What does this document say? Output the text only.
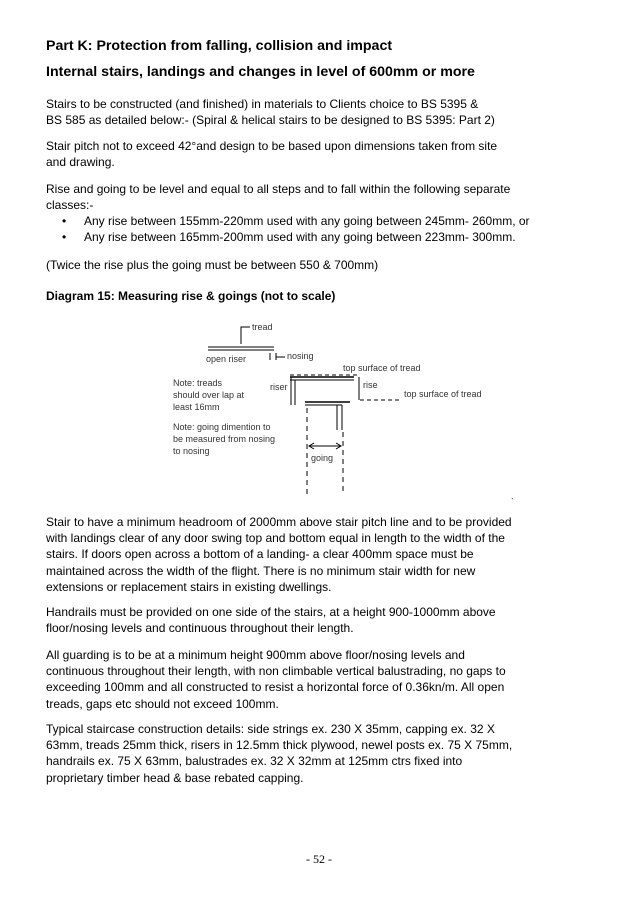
Part K: Protection from falling, collision and impact
Internal stairs, landings and changes in level of 600mm or more
Stairs to be constructed (and finished) in materials to Clients choice to BS 5395 &
BS 585 as detailed below:- (Spiral & helical stairs to be designed to BS 5395: Part 2)
Stair pitch not to exceed 42°and design to be based upon dimensions taken from site
and drawing.
Rise and going to be level and equal to all steps and to fall within the following separate
classes:-
• Any rise between 155mm-220mm used with any going between 245mm- 260mm, or
• Any rise between 165mm-200mm used with any going between 223mm- 300mm.
(Twice the rise plus the going must be between 550 & 700mm)
Diagram 15: Measuring rise & goings (not to scale)
tread
open riser	nosing
top surface of tread
riser	rise
top surface of tread
Note: treads
should over lap at
least 16mm
Note: going dimention to
be measured from nosing
to nosing
going
`
Stair to have a minimum headroom of 2000mm above stair pitch line and to be provided
with landings clear of any door swing top and bottom equal in length to the width of the
stairs. If doors open across a bottom of a landing- a clear 400mm space must be
maintained across the width of the flight. There is no minimum stair width for new
extensions or replacement stairs in existing dwellings.
Handrails must be provided on one side of the stairs, at a height 900-1000mm above
floor/nosing levels and continuous throughout their length.
All guarding is to be at a minimum height 900mm above floor/nosing levels and
continuous throughout their length, with non climbable vertical balustrading, no gaps to
exceeding 100mm and all constructed to resist a horizontal force of 0.36kn/m. All open
treads, gaps etc should not exceed 100mm.
Typical staircase construction details: side strings ex. 230 X 35mm, capping ex. 32 X
63mm, treads 25mm thick, risers in 12.5mm thick plywood, newel posts ex. 75 X 75mm,
handrails ex. 75 X 63mm, balustrades ex. 32 X 32mm at 125mm ctrs fixed into
proprietary timber head & base rebated capping.
- 52 -
